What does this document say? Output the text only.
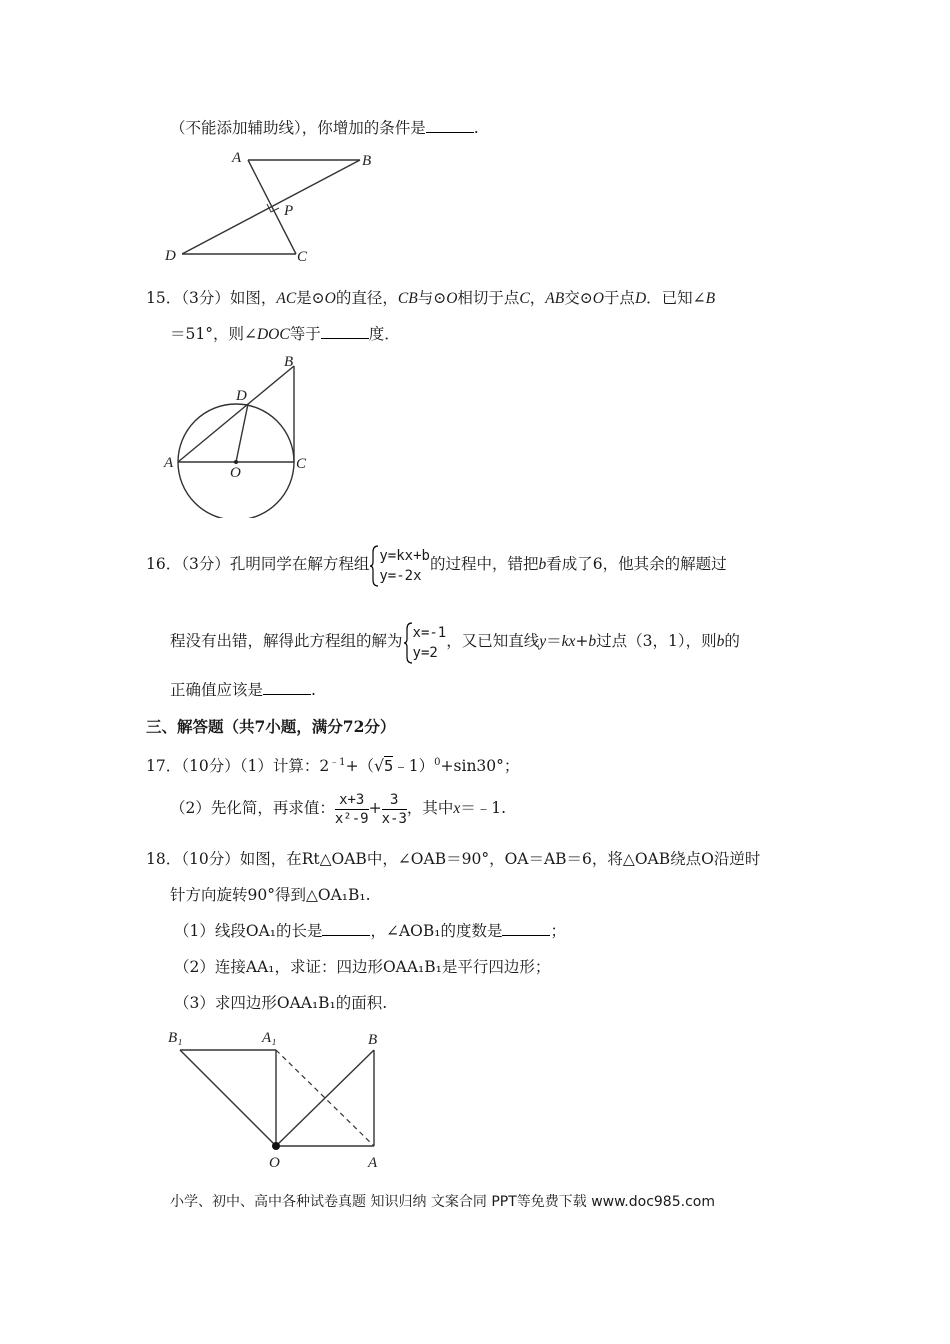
（不能添加辅助线），你增加的条件是	.
A	B
P
D	C
15．（3分）如图，AC是⊙O的直径，CB与⊙O相切于点C，AB交⊙O于点D．已知∠B
＝51°，则∠DOC等于	度．
B
D
A
O
C
16．（3分）孔明同学在解方程组 y=kx+b
y=-2x
的过程中，错把b看成了6，他其余的解题过
程没有出错，解得此方程组的解为 x=-1
y=2
，又已知直线y＝kx+b过点（3，1），则b的
正确值应该是	.
三、解答题（共7小题，满分72分）
17．（10分）（1）计算：$2^{﹣1}+(√5﹣1)^0+\sin 30^\circ$；
（2）先化简，再求值： $\frac{x+3}{\text{x²-9}} + \frac{3}{x-3}$ ，其中x＝﹣1.
18．（10分）如图，在Rt△OAB中，∠OAB＝90°，OA＝AB＝6，将△OAB绕点O沿逆时
针方向旋转90°得到△OA₁B₁.
（1）线段OA₁的长是	，∠AOB₁的度数是	；
（2）连接AA₁，求证：四边形OAA₁B₁是平行四边形；
（3）求四边形OAA₁B₁的面积.
B₁	A₁	B
O	A
小学、初中、高中各种试卷真题 知识归纳 文案合同 PPT等免费下载 www.doc985.com
